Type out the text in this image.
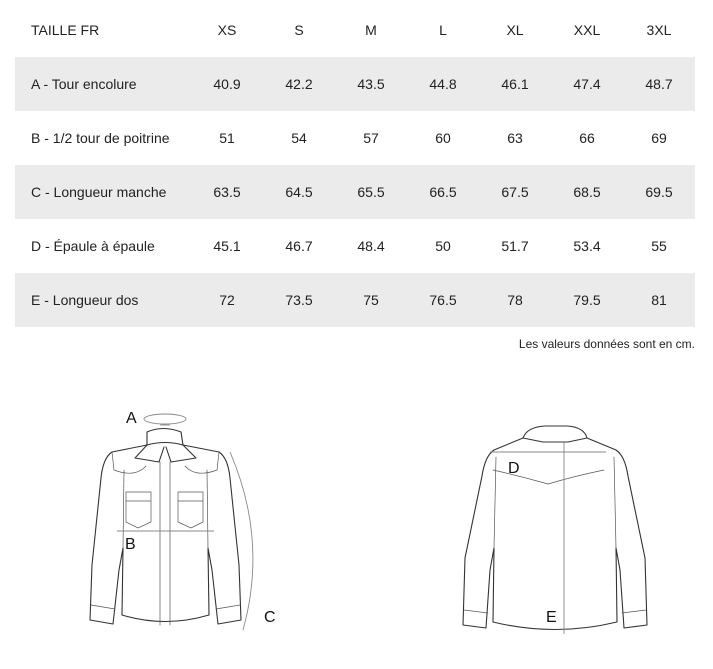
TAILLE FR	XS	S	M	L	XL	XXL	3XL
A - Tour encolure	40.9	42.2	43.5	44.8	46.1	47.4	48.7
B - 1/2 tour de poitrine	51	54	57	60	63	66	69
C - Longueur manche	63.5	64.5	65.5	66.5	67.5	68.5	69.5
D - Épaule à épaule	45.1	46.7	48.4	50	51.7	53.4	55
E - Longueur dos	72	73.5	75	76.5	78	79.5	81
Les valeurs données sont en cm.
A
B
C
D
E
